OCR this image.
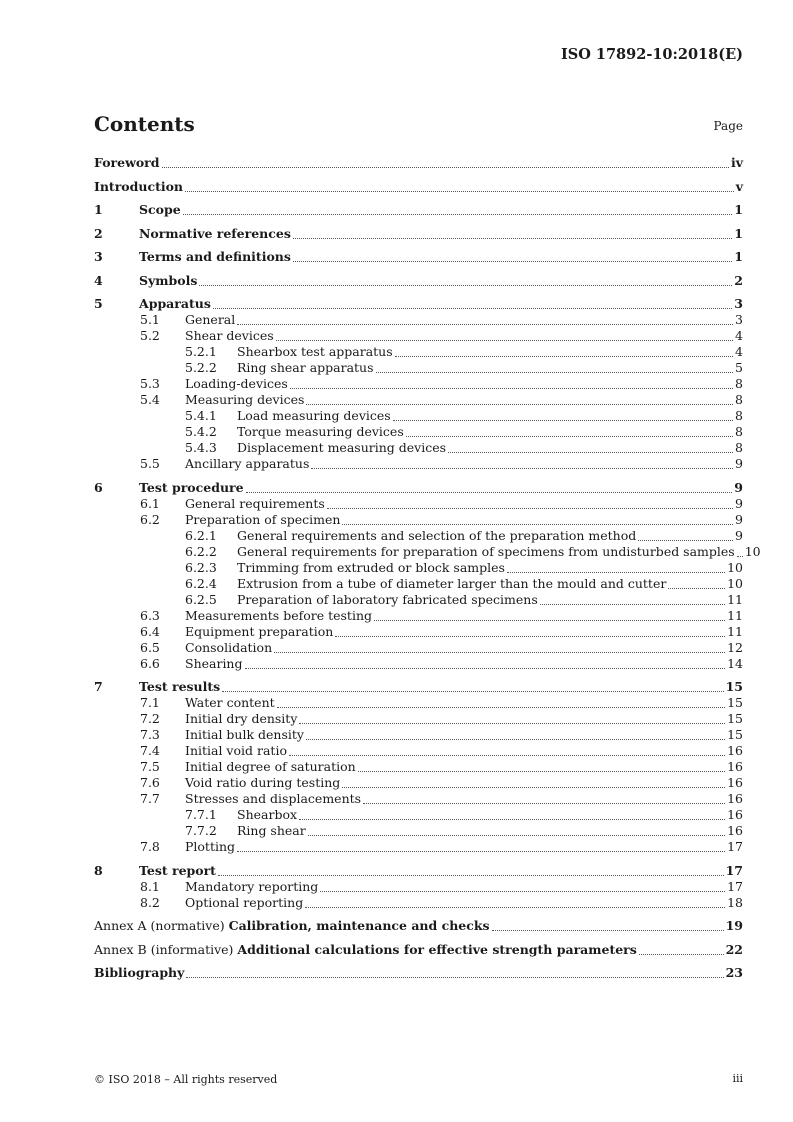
ISO 17892-10:2018(E)
Contents	Page
Foreword	iv
Introduction	v
1	Scope	1
2	Normative references	1
3	Terms and definitions	1
4	Symbols	2
5	Apparatus	3
5.1	General	3
5.2	Shear devices	4
5.2.1	Shearbox test apparatus	4
5.2.2	Ring shear apparatus	5
5.3	Loading-devices	8
5.4	Measuring devices	8
5.4.1	Load measuring devices	8
5.4.2	Torque measuring devices	8
5.4.3	Displacement measuring devices	8
5.5	Ancillary apparatus	9
6	Test procedure	9
6.1	General requirements	9
6.2	Preparation of specimen	9
6.2.1	General requirements and selection of the preparation method	9
6.2.2	General requirements for preparation of specimens from undisturbed samples 10
6.2.3	Trimming from extruded or block samples	10
6.2.4	Extrusion from a tube of diameter larger than the mould and cutter	10
6.2.5	Preparation of laboratory fabricated specimens	11
6.3	Measurements before testing	11
6.4	Equipment preparation	11
6.5	Consolidation	12
6.6	Shearing	14
7	Test results	15
7.1	Water content	15
7.2	Initial dry density	15
7.3	Initial bulk density	15
7.4	Initial void ratio	16
7.5	Initial degree of saturation	16
7.6	Void ratio during testing	16
7.7	Stresses and displacements	16
7.7.1	Shearbox	16
7.7.2	Ring shear	16
7.8	Plotting	17
8	Test report	17
8.1	Mandatory reporting	17
8.2	Optional reporting	18
Annex A (normative) Calibration, maintenance and checks	19
Annex B (informative) Additional calculations for effective strength parameters	22
Bibliography	23
© ISO 2018 – All rights reserved	iii
